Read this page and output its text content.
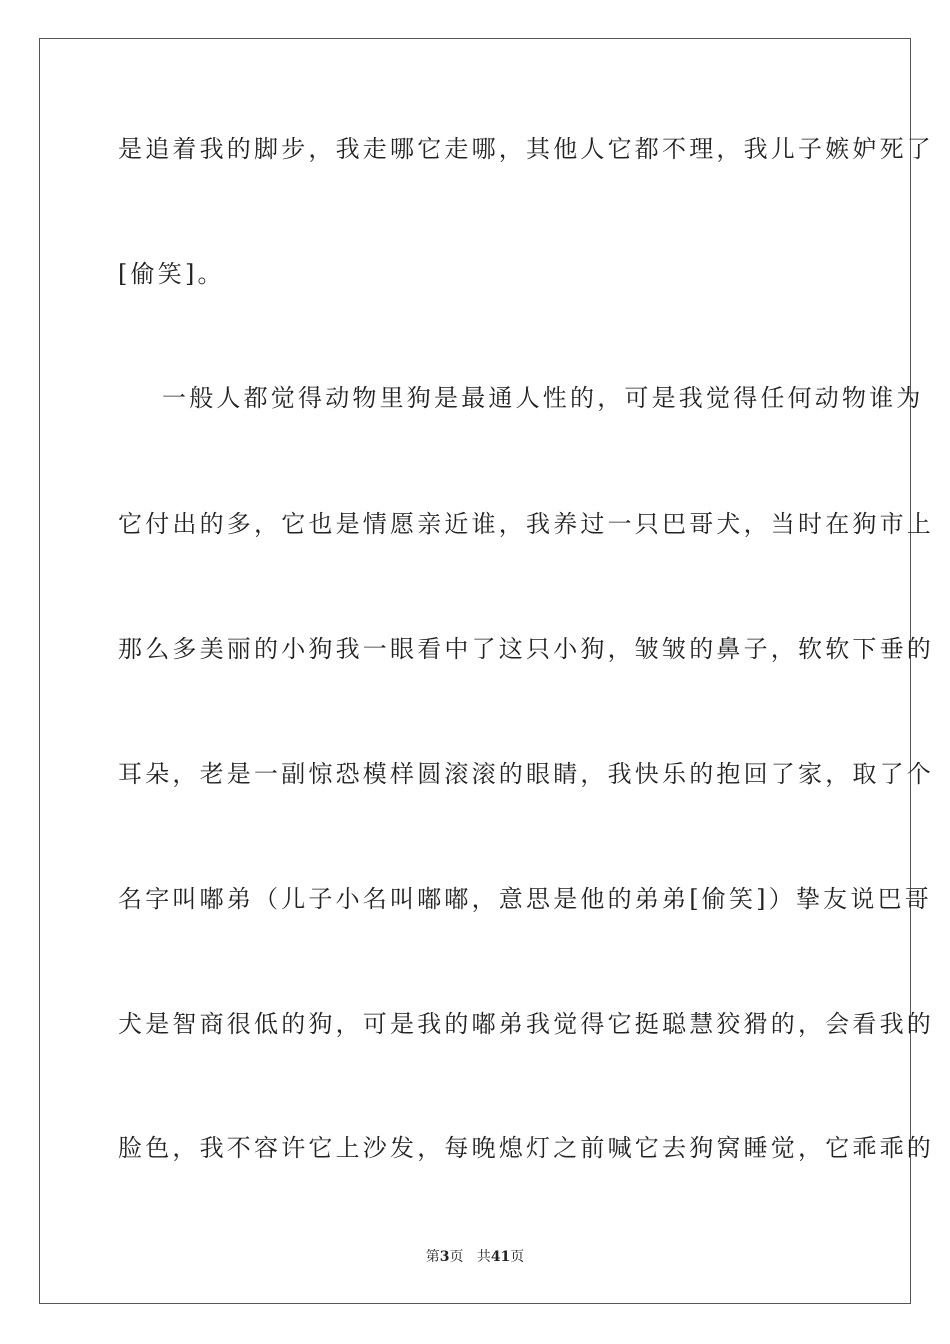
是追着我的脚步，我走哪它走哪，其他人它都不理，我儿子嫉妒死了
[偷笑]。
一般人都觉得动物里狗是最通人性的，可是我觉得任何动物谁为
它付出的多，它也是情愿亲近谁，我养过一只巴哥犬，当时在狗市上
那么多美丽的小狗我一眼看中了这只小狗，皱皱的鼻子，软软下垂的
耳朵，老是一副惊恐模样圆滚滚的眼睛，我快乐的抱回了家，取了个
名字叫嘟弟（儿子小名叫嘟嘟，意思是他的弟弟[偷笑]）挚友说巴哥
犬是智商很低的狗，可是我的嘟弟我觉得它挺聪慧狡猾的，会看我的
脸色，我不容许它上沙发，每晚熄灯之前喊它去狗窝睡觉，它乖乖的
第3页 共41页
